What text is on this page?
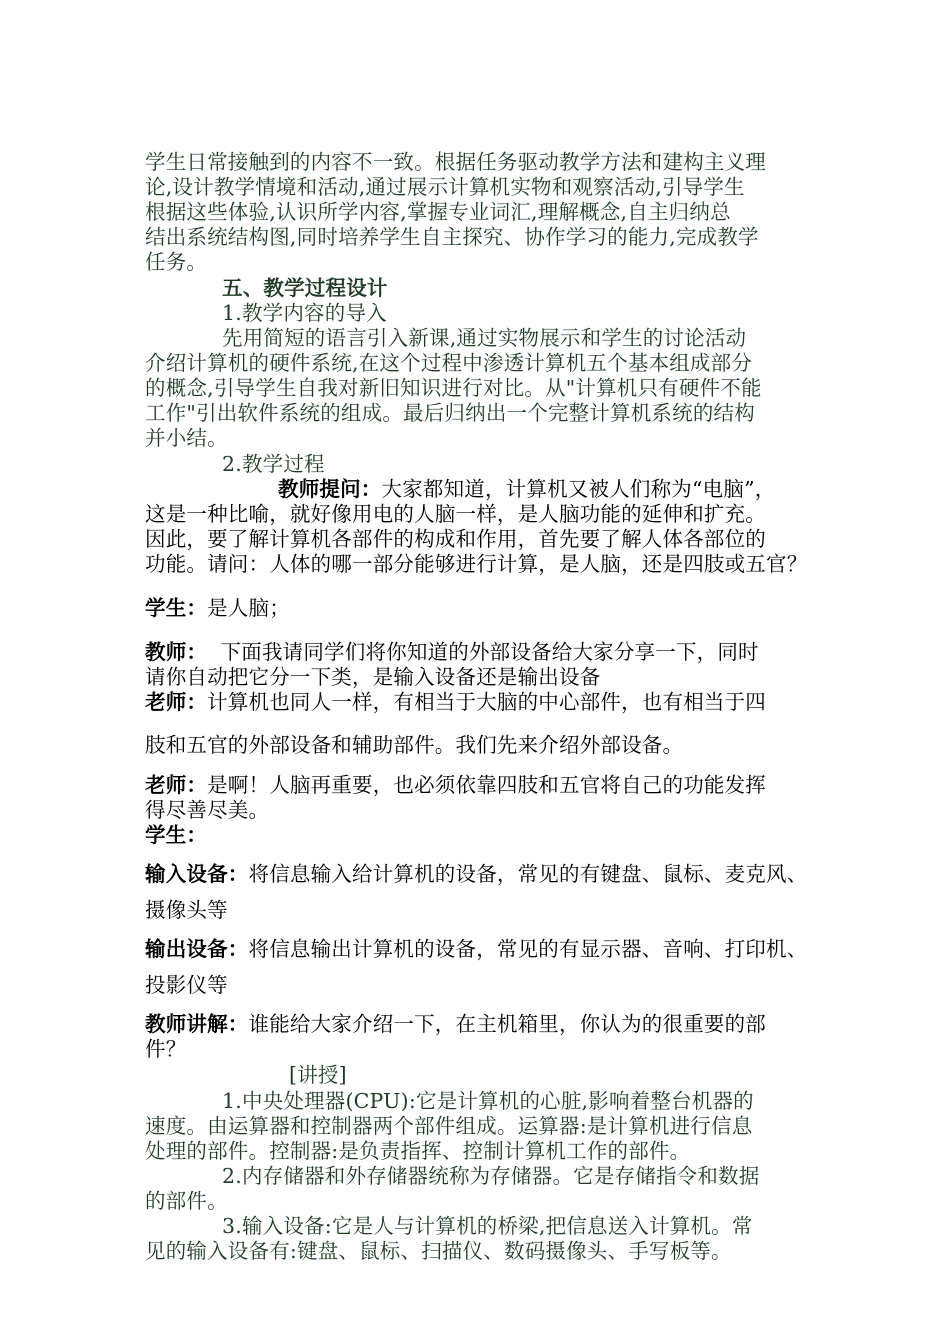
学生日常接触到的内容不一致。根据任务驱动教学方法和建构主义理
论,设计教学情境和活动,通过展示计算机实物和观察活动,引导学生
根据这些体验,认识所学内容,掌握专业词汇,理解概念,自主归纳总
结出系统结构图,同时培养学生自主探究、协作学习的能力,完成教学
任务。
五、教学过程设计
1.教学内容的导入
先用简短的语言引入新课,通过实物展示和学生的讨论活动
介绍计算机的硬件系统,在这个过程中渗透计算机五个基本组成部分
的概念,引导学生自我对新旧知识进行对比。从"计算机只有硬件不能
工作"引出软件系统的组成。最后归纳出一个完整计算机系统的结构
并小结。
2.教学过程
教师提问：大家都知道，计算机又被人们称为“电脑”，
这是一种比喻，就好像用电的人脑一样，是人脑功能的延伸和扩充。
因此，要了解计算机各部件的构成和作用，首先要了解人体各部位的
功能。请问：人体的哪一部分能够进行计算，是人脑，还是四肢或五官？
学生：是人脑；
教师：  下面我请同学们将你知道的外部设备给大家分享一下，同时
请你自动把它分一下类，是输入设备还是输出设备
老师：计算机也同人一样，有相当于大脑的中心部件，也有相当于四
肢和五官的外部设备和辅助部件。我们先来介绍外部设备。
老师：是啊！人脑再重要，也必须依靠四肢和五官将自己的功能发挥
得尽善尽美。
学生：
输入设备：将信息输入给计算机的设备，常见的有键盘、鼠标、麦克风、
摄像头等
输出设备：将信息输出计算机的设备，常见的有显示器、音响、打印机、
投影仪等
教师讲解：谁能给大家介绍一下，在主机箱里，你认为的很重要的部
件？
[讲授]
1.中央处理器(CPU):它是计算机的心脏,影响着整台机器的
速度。由运算器和控制器两个部件组成。运算器:是计算机进行信息
处理的部件。控制器:是负责指挥、控制计算机工作的部件。
2.内存储器和外存储器统称为存储器。它是存储指令和数据
的部件。
3.输入设备:它是人与计算机的桥梁,把信息送入计算机。常
见的输入设备有:键盘、鼠标、扫描仪、数码摄像头、手写板等。
